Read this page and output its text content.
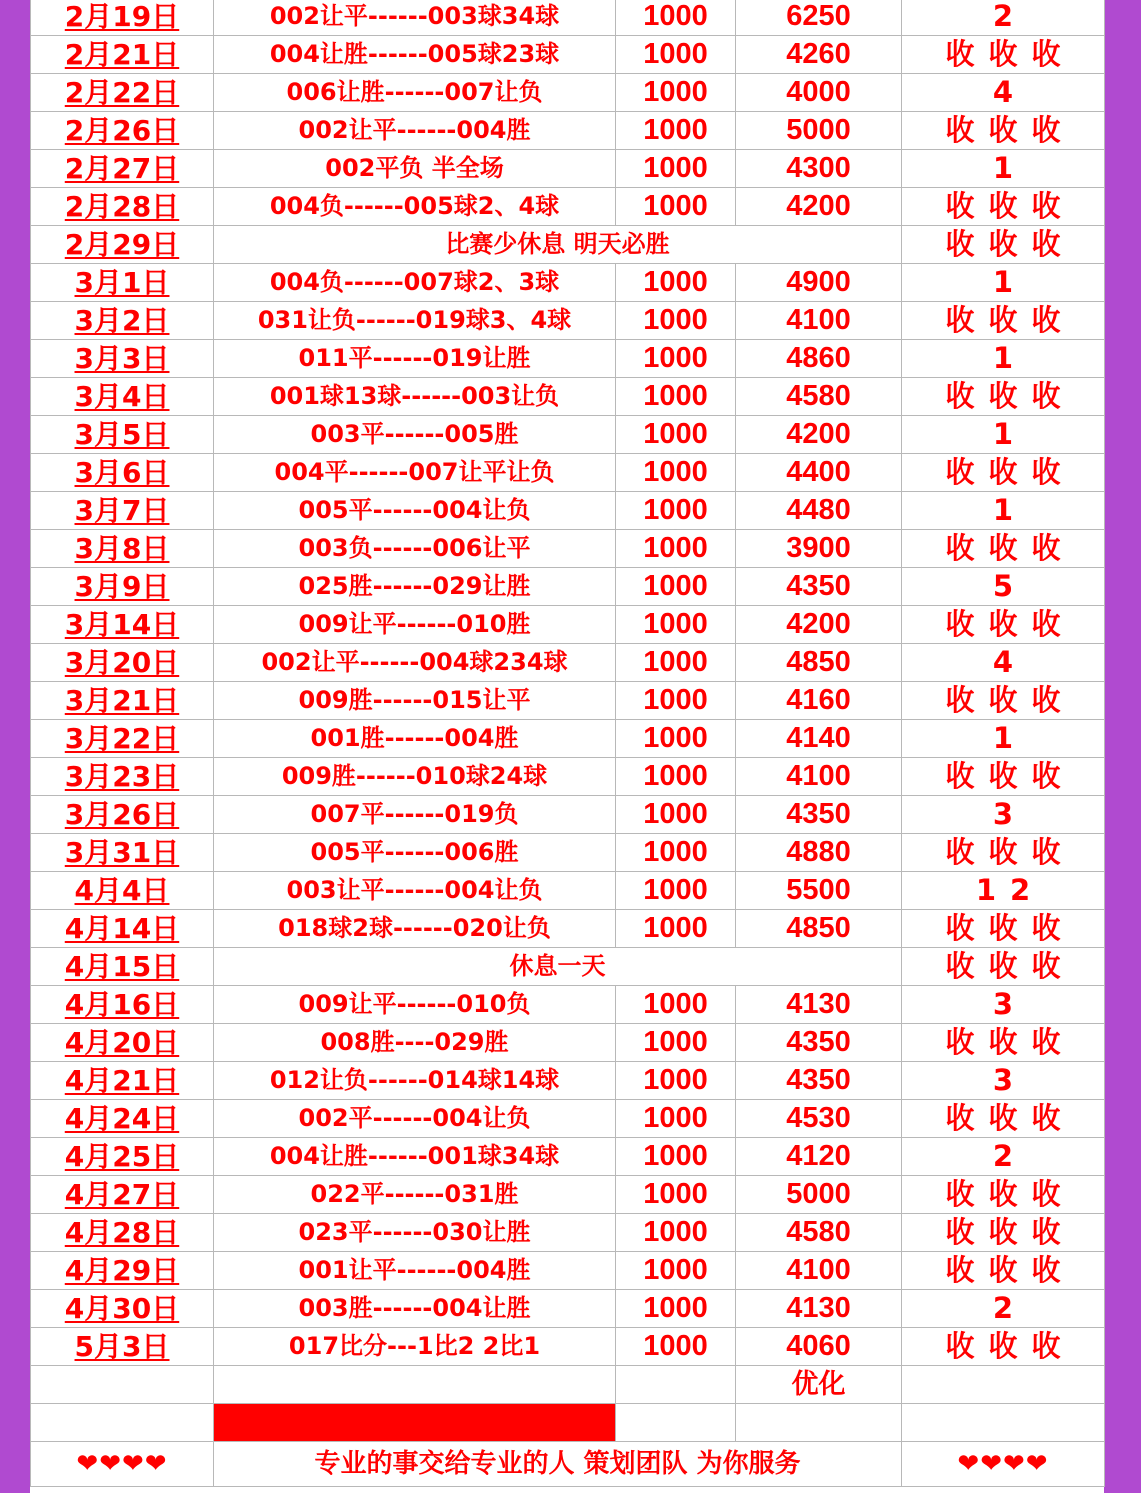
2月19日	002让平------003球34球	1000	6250	2
2月21日	004让胜------005球23球	1000	4260	收收收
2月22日	006让胜------007让负	1000	4000	4
2月26日	002让平------004胜	1000	5000	收收收
2月27日	002平负 半全场	1000	4300	1
2月28日	004负------005球2、4球	1000	4200	收收收
2月29日	比赛少休息 明天必胜			收收收
3月1日	004负------007球2、3球	1000	4900	1
3月2日	031让负------019球3、4球	1000	4100	收收收
3月3日	011平------019让胜	1000	4860	1
3月4日	001球13球------003让负	1000	4580	收收收
3月5日	003平------005胜	1000	4200	1
3月6日	004平------007让平让负	1000	4400	收收收
3月7日	005平------004让负	1000	4480	1
3月8日	003负------006让平	1000	3900	收收收
3月9日	025胜------029让胜	1000	4350	5
3月14日	009让平------010胜	1000	4200	收收收
3月20日	002让平------004球234球	1000	4850	4
3月21日	009胜------015让平	1000	4160	收收收
3月22日	001胜------004胜	1000	4140	1
3月23日	009胜------010球24球	1000	4100	收收收
3月26日	007平------019负	1000	4350	3
3月31日	005平------006胜	1000	4880	收收收
4月4日	003让平------004让负	1000	5500	12
4月14日	018球2球------020让负	1000	4850	收收收
4月15日	休息一天			收收收
4月16日	009让平------010负	1000	4130	3
4月20日	008胜----029胜	1000	4350	收收收
4月21日	012让负------014球14球	1000	4350	3
4月24日	002平------004让负	1000	4530	收收收
4月25日	004让胜------001球34球	1000	4120	2
4月27日	022平------031胜	1000	5000	收收收
4月28日	023平------030让胜	1000	4580	收收收
4月29日	001让平------004胜	1000	4100	收收收
4月30日	003胜------004让胜	1000	4130	2
5月3日	017比分---1比2 2比1	1000	4060	收收收
			优化	

❤❤❤❤	专业的事交给专业的人 策划团队 为你服务			❤❤❤❤
